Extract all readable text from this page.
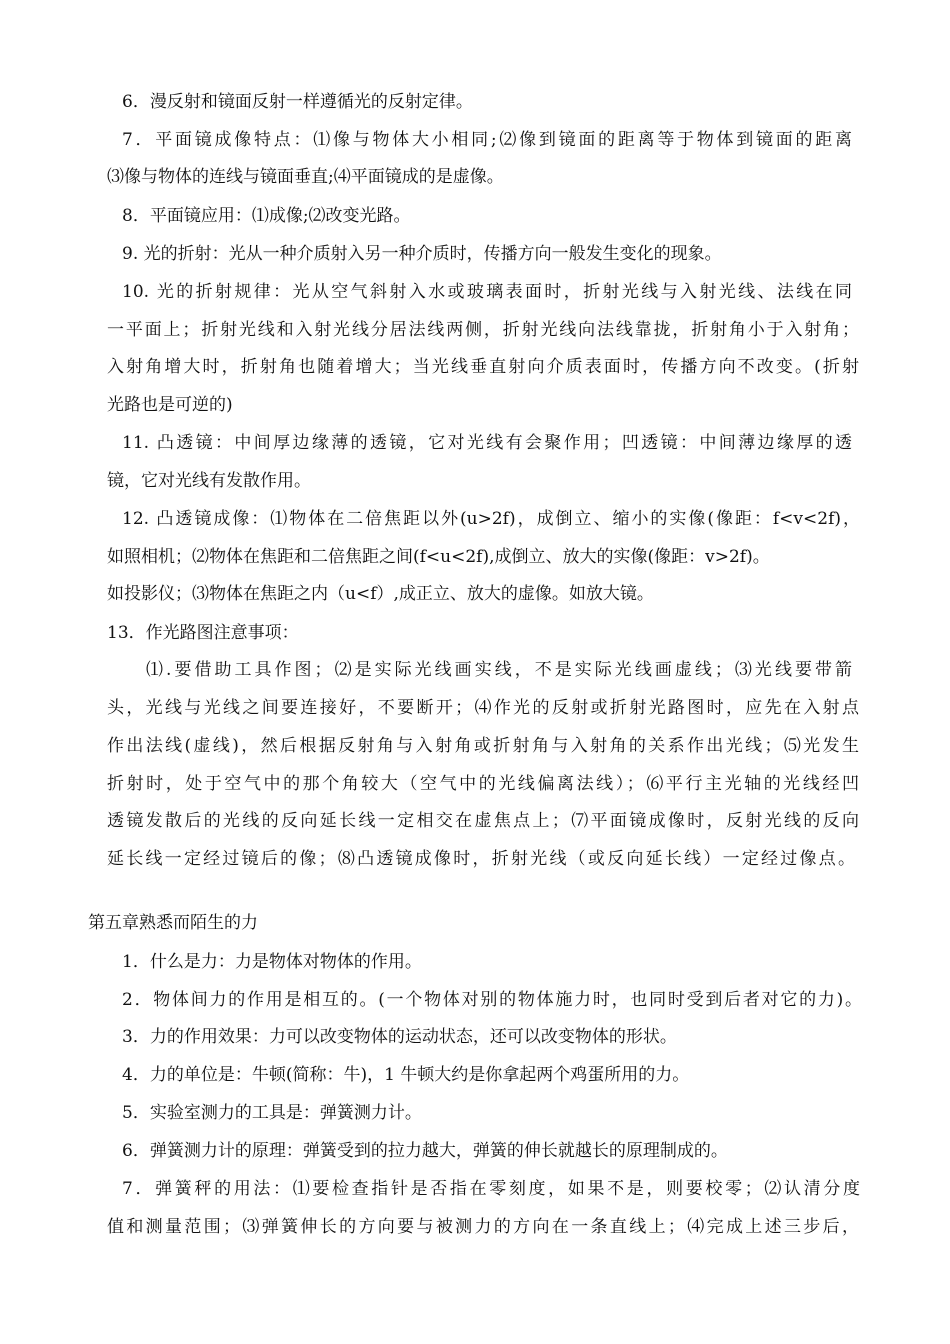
6．漫反射和镜面反射一样遵循光的反射定律。
7．平面镜成像特点：⑴像与物体大小相同;⑵像到镜面的距离等于物体到镜面的距离
⑶像与物体的连线与镜面垂直;⑷平面镜成的是虚像。
8．平面镜应用：⑴成像;⑵改变光路。
9. 光的折射：光从一种介质射入另一种介质时，传播方向一般发生变化的现象。
10. 光的折射规律：光从空气斜射入水或玻璃表面时，折射光线与入射光线、法线在同
一平面上；折射光线和入射光线分居法线两侧，折射光线向法线靠拢，折射角小于入射角；
入射角增大时，折射角也随着增大；当光线垂直射向介质表面时，传播方向不改变。(折射
光路也是可逆的)
11. 凸透镜：中间厚边缘薄的透镜，它对光线有会聚作用；凹透镜：中间薄边缘厚的透
镜，它对光线有发散作用。
12. 凸透镜成像：⑴物体在二倍焦距以外(u>2f)，成倒立、缩小的实像(像距：f<v<2f)，
如照相机；⑵物体在焦距和二倍焦距之间(f<u<2f),成倒立、放大的实像(像距：v>2f)。
如投影仪；⑶物体在焦距之内（u<f）,成正立、放大的虚像。如放大镜。
13．作光路图注意事项：
⑴.要借助工具作图；⑵是实际光线画实线，不是实际光线画虚线；⑶光线要带箭
头，光线与光线之间要连接好，不要断开；⑷作光的反射或折射光路图时，应先在入射点
作出法线(虚线)，然后根据反射角与入射角或折射角与入射角的关系作出光线；⑸光发生
折射时，处于空气中的那个角较大（空气中的光线偏离法线）；⑹平行主光轴的光线经凹
透镜发散后的光线的反向延长线一定相交在虚焦点上；⑺平面镜成像时，反射光线的反向
延长线一定经过镜后的像；⑻凸透镜成像时，折射光线（或反向延长线）一定经过像点。
第五章熟悉而陌生的力
1．什么是力：力是物体对物体的作用。
2．物体间力的作用是相互的。(一个物体对别的物体施力时，也同时受到后者对它的力)。
3．力的作用效果：力可以改变物体的运动状态，还可以改变物体的形状。
4．力的单位是：牛顿(简称：牛)，1 牛顿大约是你拿起两个鸡蛋所用的力。
5．实验室测力的工具是：弹簧测力计。
6．弹簧测力计的原理：弹簧受到的拉力越大，弹簧的伸长就越长的原理制成的。
7．弹簧秤的用法：⑴要检查指针是否指在零刻度，如果不是，则要校零；⑵认清分度
值和测量范围；⑶弹簧伸长的方向要与被测力的方向在一条直线上；⑷完成上述三步后，
